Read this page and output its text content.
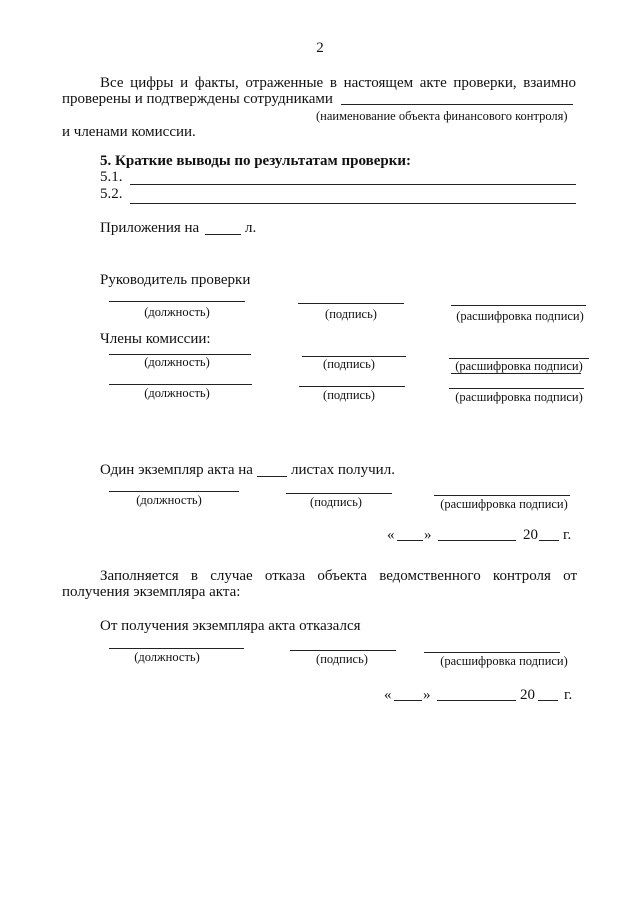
2
Все цифры и факты, отраженные в настоящем акте проверки, взаимно
проверены и подтверждены сотрудниками
(наименование объекта финансового контроля)
и членами комиссии.
5. Краткие выводы по результатам проверки:
5.1.
5.2.
Приложения на	л.
Руководитель проверки
(должность)	(подпись)	(расшифровка подписи)
Члены комиссии:
(должность)	(подпись)	(расшифровка подписи)
(должность)	(подпись)	(расшифровка подписи)
Один экземпляр акта на	листах получил.
(должность)	(подпись)	(расшифровка подписи)
« »	20 г.
Заполняется в случае отказа объекта ведомственного контроля от
получения экземпляра акта:
От получения экземпляра акта отказался
(должность)	(подпись)	(расшифровка подписи)
« »	20 г.
